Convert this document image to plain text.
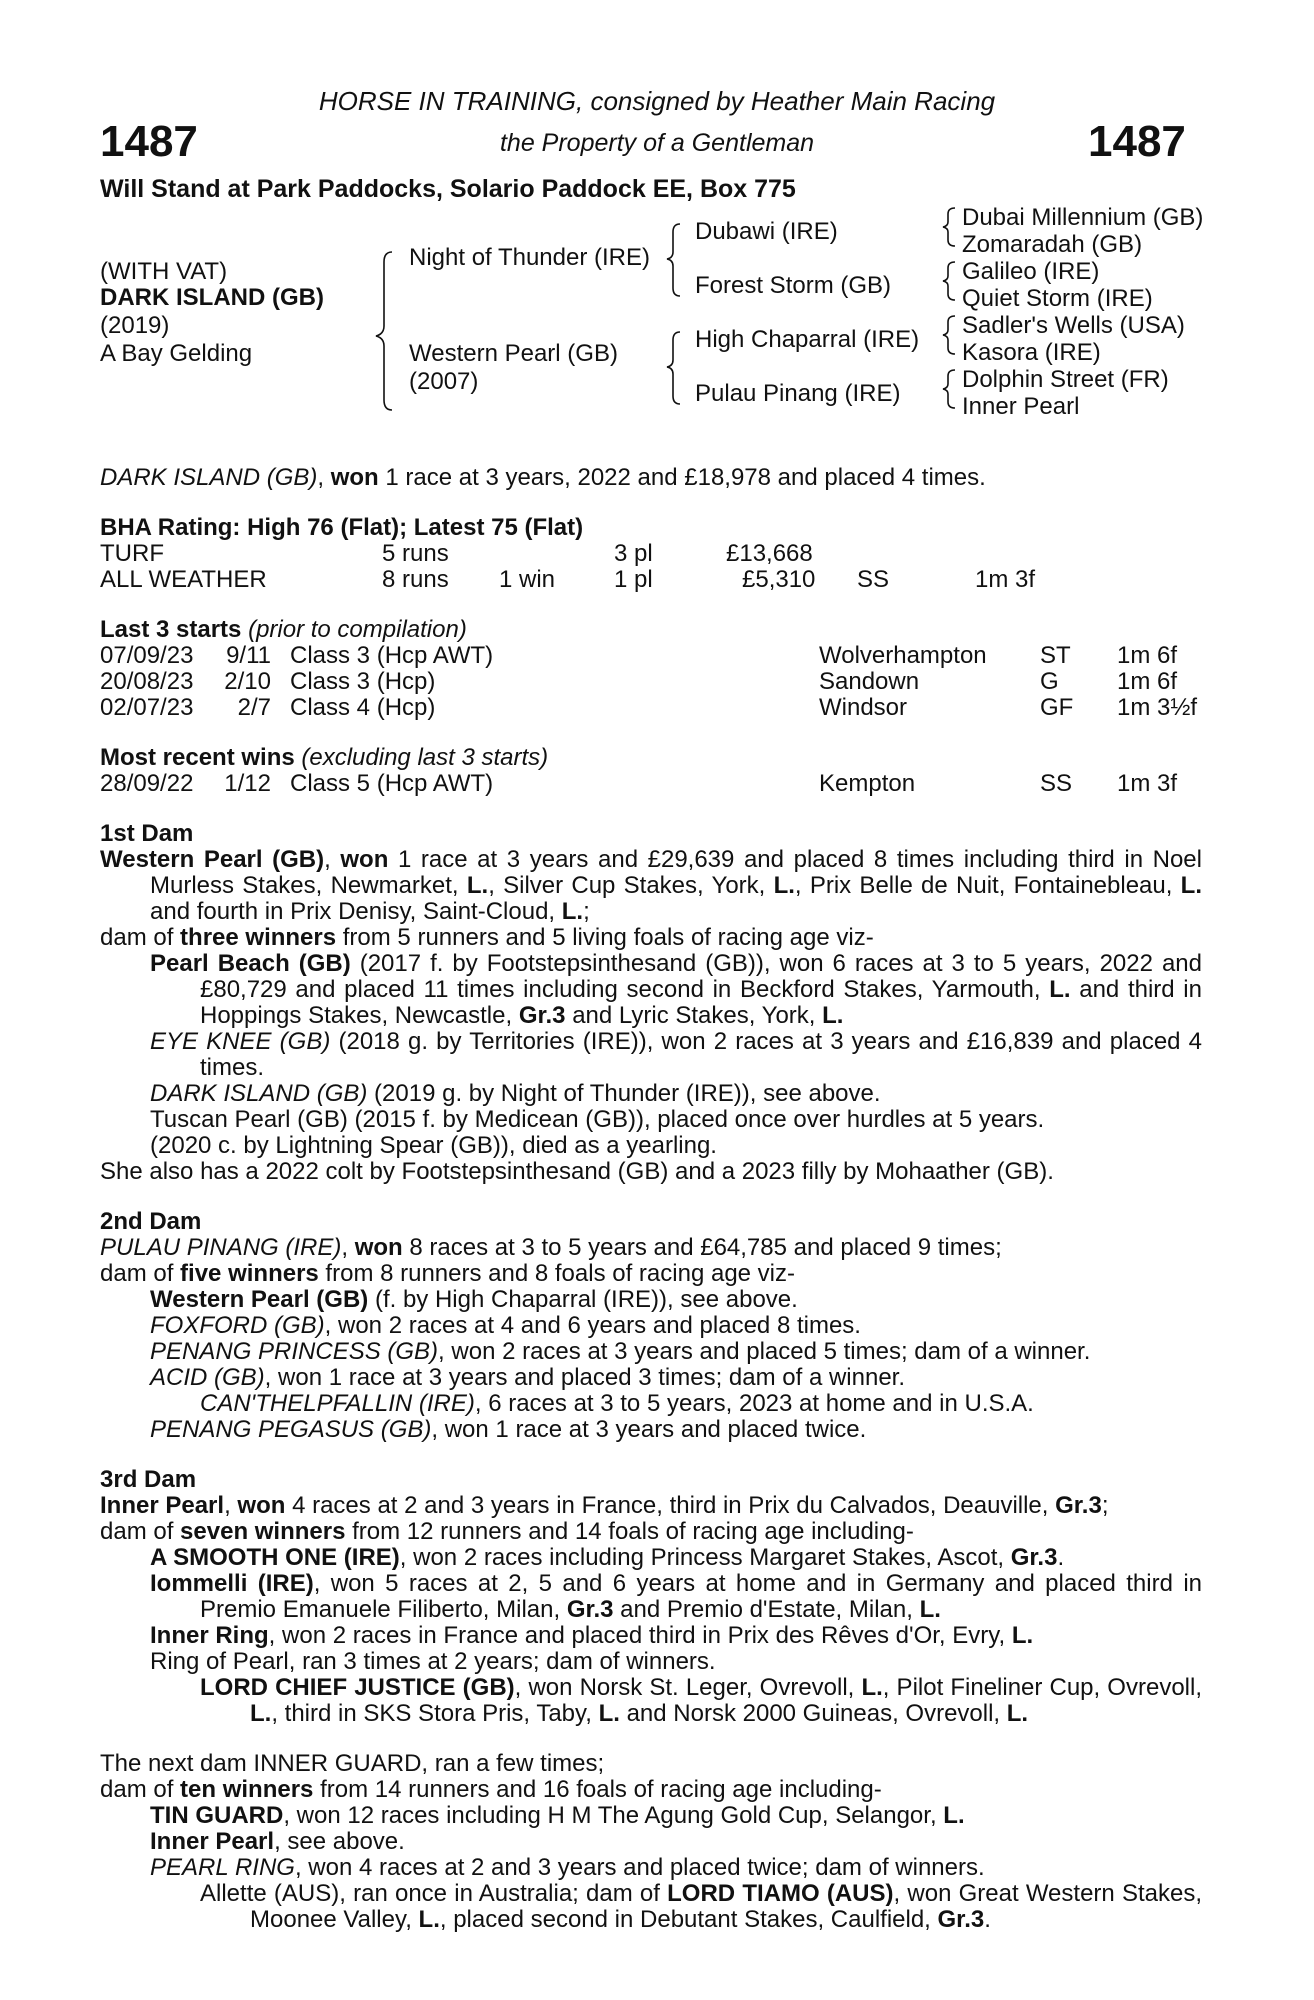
1487	1487
HORSE IN TRAINING, consigned by Heather Main Racing
the Property of a Gentleman
Will Stand at Park Paddocks, Solario Paddock EE, Box 775
(WITH VAT)
DARK ISLAND (GB)
(2019)
A Bay Gelding
Night of Thunder (IRE)
Western Pearl (GB)
(2007)
Dubawi (IRE)
Forest Storm (GB)
High Chaparral (IRE)
Pulau Pinang (IRE)
Dubai Millennium (GB)
Zomaradah (GB)
Galileo (IRE)
Quiet Storm (IRE)
Sadler's Wells (USA)
Kasora (IRE)
Dolphin Street (FR)
Inner Pearl
DARK ISLAND (GB), won 1 race at 3 years, 2022 and £18,978 and placed 4 times.
BHA Rating: High 76 (Flat); Latest 75 (Flat)
TURF	5 runs	3 pl	£13,668
ALL WEATHER	8 runs 1 win 1 pl	£5,310 SS	1m 3f
Last 3 starts (prior to compilation)
07/09/23	9/11 Class 3 (Hcp AWT)	Wolverhampton ST 1m 6f
20/08/23	2/10 Class 3 (Hcp)	Sandown	G 1m 6f
02/07/23	2/7 Class 4 (Hcp)	Windsor	GF 1m 3½f
Most recent wins (excluding last 3 starts)
28/09/22	1/12 Class 5 (Hcp AWT)	Kempton	SS 1m 3f
1st Dam
Western Pearl (GB), won 1 race at 3 years and £29,639 and placed 8 times including third in Noel Murless Stakes, Newmarket, L., Silver Cup Stakes, York, L., Prix Belle de Nuit, Fontainebleau, L. and fourth in Prix Denisy, Saint-Cloud, L.;
dam of three winners from 5 runners and 5 living foals of racing age viz-
Pearl Beach (GB) (2017 f. by Footstepsinthesand (GB)), won 6 races at 3 to 5 years, 2022 and £80,729 and placed 11 times including second in Beckford Stakes, Yarmouth, L. and third in Hoppings Stakes, Newcastle, Gr.3 and Lyric Stakes, York, L.
EYE KNEE (GB) (2018 g. by Territories (IRE)), won 2 races at 3 years and £16,839 and placed 4 times.
DARK ISLAND (GB) (2019 g. by Night of Thunder (IRE)), see above.
Tuscan Pearl (GB) (2015 f. by Medicean (GB)), placed once over hurdles at 5 years.
(2020 c. by Lightning Spear (GB)), died as a yearling.
She also has a 2022 colt by Footstepsinthesand (GB) and a 2023 filly by Mohaather (GB).
2nd Dam
PULAU PINANG (IRE), won 8 races at 3 to 5 years and £64,785 and placed 9 times;
dam of five winners from 8 runners and 8 foals of racing age viz-
Western Pearl (GB) (f. by High Chaparral (IRE)), see above.
FOXFORD (GB), won 2 races at 4 and 6 years and placed 8 times.
PENANG PRINCESS (GB), won 2 races at 3 years and placed 5 times; dam of a winner.
ACID (GB), won 1 race at 3 years and placed 3 times; dam of a winner.
CAN'THELPFALLIN (IRE), 6 races at 3 to 5 years, 2023 at home and in U.S.A.
PENANG PEGASUS (GB), won 1 race at 3 years and placed twice.
3rd Dam
Inner Pearl, won 4 races at 2 and 3 years in France, third in Prix du Calvados, Deauville, Gr.3;
dam of seven winners from 12 runners and 14 foals of racing age including-
A SMOOTH ONE (IRE), won 2 races including Princess Margaret Stakes, Ascot, Gr.3.
Iommelli (IRE), won 5 races at 2, 5 and 6 years at home and in Germany and placed third in Premio Emanuele Filiberto, Milan, Gr.3 and Premio d'Estate, Milan, L.
Inner Ring, won 2 races in France and placed third in Prix des Rêves d'Or, Evry, L.
Ring of Pearl, ran 3 times at 2 years; dam of winners.
LORD CHIEF JUSTICE (GB), won Norsk St. Leger, Ovrevoll, L., Pilot Fineliner Cup, Ovrevoll, L., third in SKS Stora Pris, Taby, L. and Norsk 2000 Guineas, Ovrevoll, L.
The next dam INNER GUARD, ran a few times;
dam of ten winners from 14 runners and 16 foals of racing age including-
TIN GUARD, won 12 races including H M The Agung Gold Cup, Selangor, L.
Inner Pearl, see above.
PEARL RING, won 4 races at 2 and 3 years and placed twice; dam of winners.
Allette (AUS), ran once in Australia; dam of LORD TIAMO (AUS), won Great Western Stakes, Moonee Valley, L., placed second in Debutant Stakes, Caulfield, Gr.3.
